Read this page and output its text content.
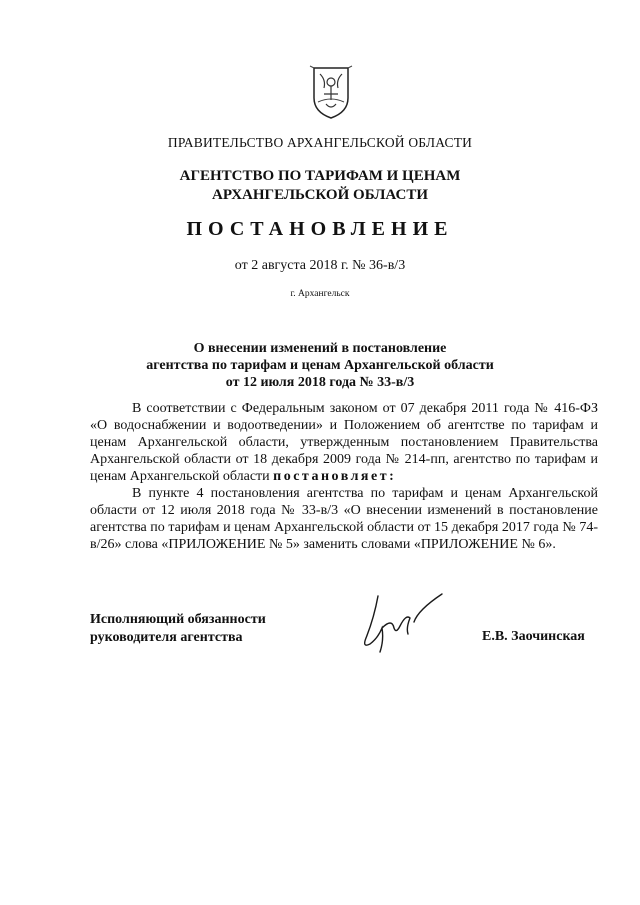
ПРАВИТЕЛЬСТВО АРХАНГЕЛЬСКОЙ ОБЛАСТИ
АГЕНТСТВО ПО ТАРИФАМ И ЦЕНАМ
АРХАНГЕЛЬСКОЙ ОБЛАСТИ
ПОСТАНОВЛЕНИЕ
от 2 августа 2018 г. № 36-в/3
г. Архангельск
О внесении изменений в постановление
агентства по тарифам и ценам Архангельской области
от 12 июля 2018 года № 33-в/3

В соответствии с Федеральным законом от 07 декабря 2011 года № 416-ФЗ «О водоснабжении и водоотведении» и Положением об агентстве по тарифам и ценам Архангельской области, утвержденным постановлением Правительства Архангельской области от 18 декабря 2009 года № 214-пп, агентство по тарифам и ценам Архангельской области постановляет:

В пункте 4 постановления агентства по тарифам и ценам Архангельской области от 12 июля 2018 года № 33-в/3 «О внесении изменений в постановление агентства по тарифам и ценам Архангельской области от 15 декабря 2017 года № 74-в/26» слова «ПРИЛОЖЕНИЕ № 5» заменить словами «ПРИЛОЖЕНИЕ № 6».

Исполняющий обязанности
руководителя агентства	Е.В. Заочинская
